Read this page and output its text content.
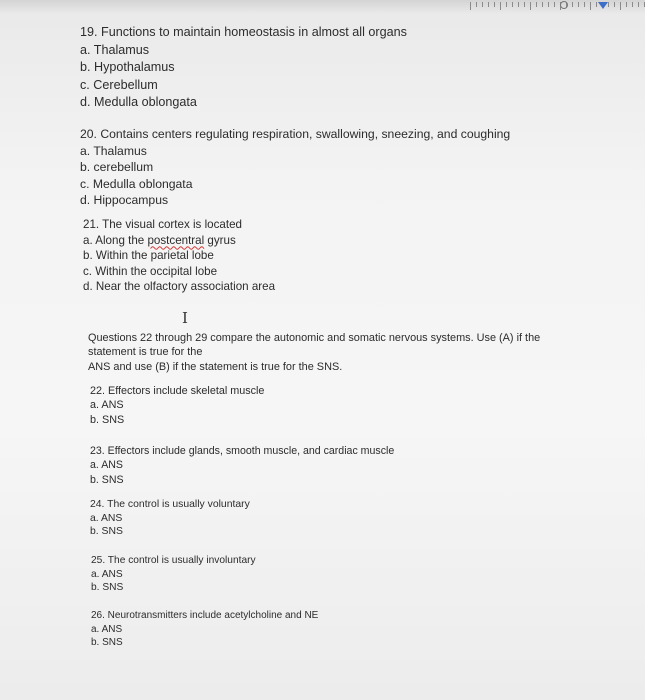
19. Functions to maintain homeostasis in almost all organs
a. Thalamus
b. Hypothalamus
c. Cerebellum
d. Medulla oblongata
20. Contains centers regulating respiration, swallowing, sneezing, and coughing
a. Thalamus
b. cerebellum
c. Medulla oblongata
d. Hippocampus
21. The visual cortex is located
a. Along the postcentral gyrus
b. Within the parietal lobe
c. Within the occipital lobe
d. Near the olfactory association area
I
Questions 22 through 29 compare the autonomic and somatic nervous systems. Use (A) if the
statement is true for the
ANS and use (B) if the statement is true for the SNS.
22. Effectors include skeletal muscle
a. ANS
b. SNS
23. Effectors include glands, smooth muscle, and cardiac muscle
a. ANS
b. SNS
24. The control is usually voluntary
a. ANS
b. SNS
25. The control is usually involuntary
a. ANS
b. SNS
26. Neurotransmitters include acetylcholine and NE
a. ANS
b. SNS
